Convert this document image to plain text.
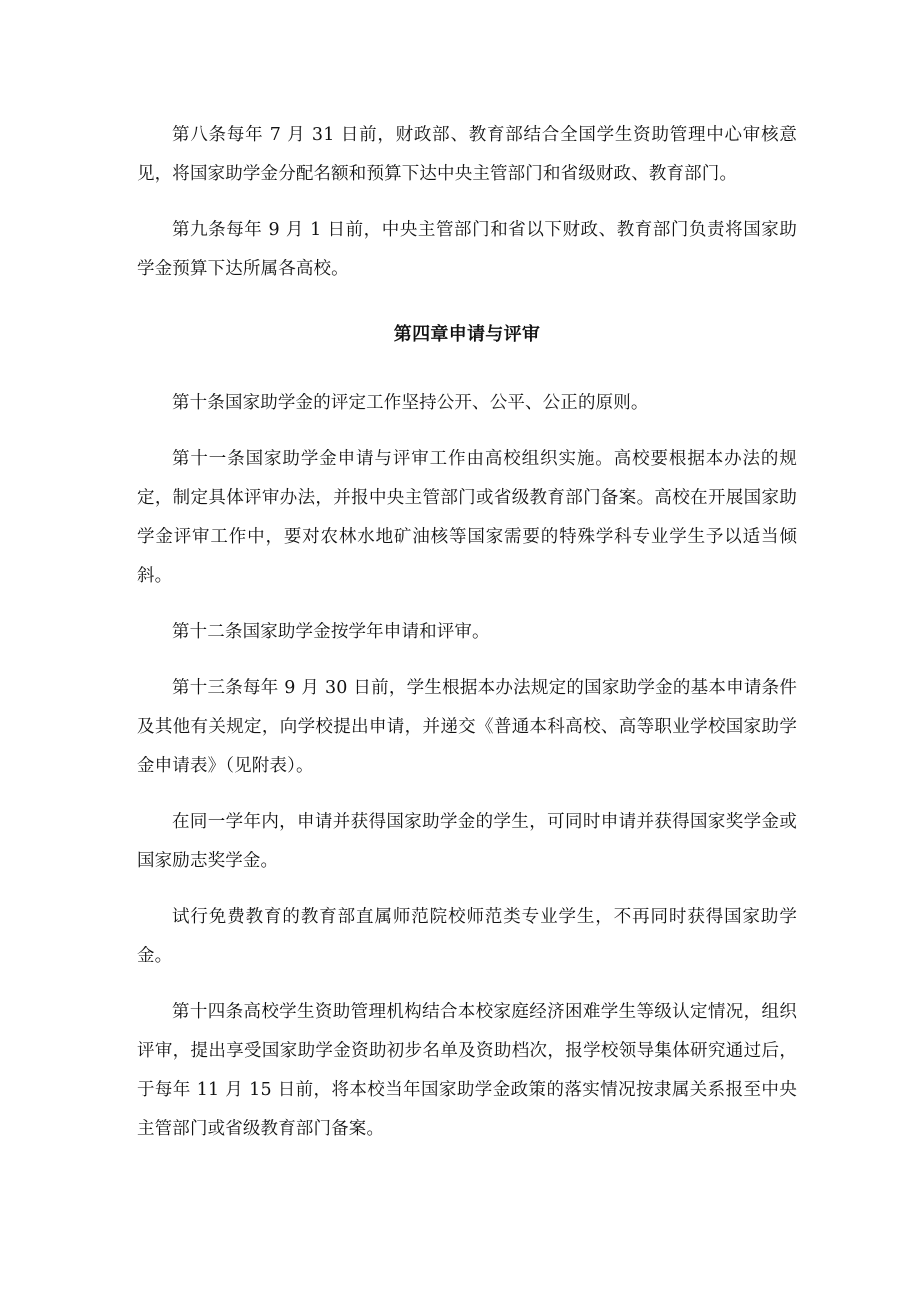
第八条每年 7 月 31 日前，财政部、教育部结合全国学生资助管理中心审核意见，将国家助学金分配名额和预算下达中央主管部门和省级财政、教育部门。

第九条每年 9 月 1 日前，中央主管部门和省以下财政、教育部门负责将国家助学金预算下达所属各高校。

第四章申请与评审

第十条国家助学金的评定工作坚持公开、公平、公正的原则。

第十一条国家助学金申请与评审工作由高校组织实施。高校要根据本办法的规定，制定具体评审办法，并报中央主管部门或省级教育部门备案。高校在开展国家助学金评审工作中，要对农林水地矿油核等国家需要的特殊学科专业学生予以适当倾斜。

第十二条国家助学金按学年申请和评审。

第十三条每年 9 月 30 日前，学生根据本办法规定的国家助学金的基本申请条件及其他有关规定，向学校提出申请，并递交《普通本科高校、高等职业学校国家助学金申请表》（见附表）。

在同一学年内，申请并获得国家助学金的学生，可同时申请并获得国家奖学金或国家励志奖学金。

试行免费教育的教育部直属师范院校师范类专业学生，不再同时获得国家助学金。

第十四条高校学生资助管理机构结合本校家庭经济困难学生等级认定情况，组织评审，提出享受国家助学金资助初步名单及资助档次，报学校领导集体研究通过后，于每年 11 月 15 日前，将本校当年国家助学金政策的落实情况按隶属关系报至中央主管部门或省级教育部门备案。
